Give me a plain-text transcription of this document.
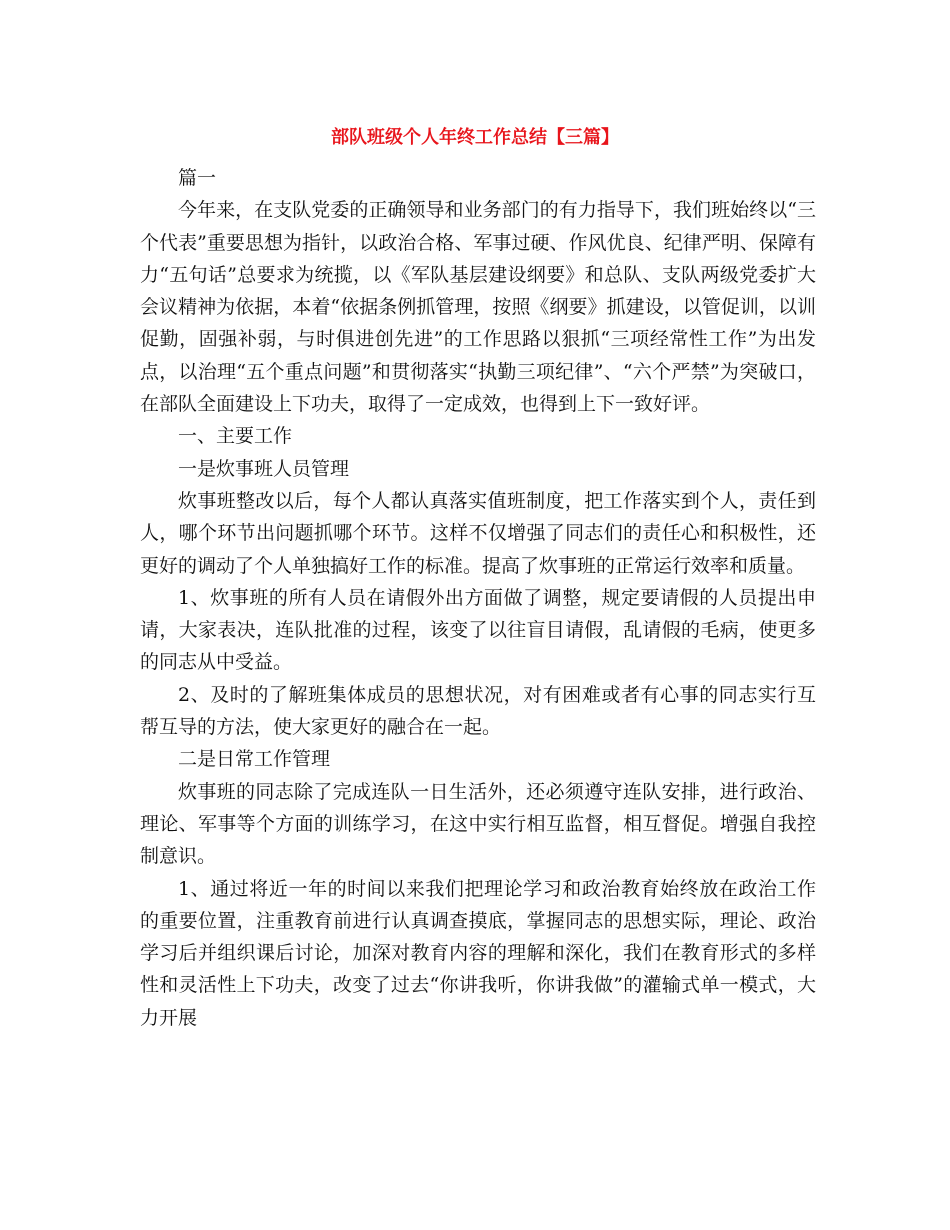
部队班级个人年终工作总结【三篇】

篇一

今年来，在支队党委的正确领导和业务部门的有力指导下，我们班始终以“三个代表”重要思想为指针，以政治合格、军事过硬、作风优良、纪律严明、保障有力“五句话”总要求为统揽，以《军队基层建设纲要》和总队、支队两级党委扩大会议精神为依据，本着“依据条例抓管理，按照《纲要》抓建设，以管促训，以训促勤，固强补弱，与时俱进创先进”的工作思路以狠抓“三项经常性工作”为出发点，以治理“五个重点问题”和贯彻落实“执勤三项纪律”、“六个严禁”为突破口，在部队全面建设上下功夫，取得了一定成效，也得到上下一致好评。

一、主要工作

一是炊事班人员管理

炊事班整改以后，每个人都认真落实值班制度，把工作落实到个人，责任到人，哪个环节出问题抓哪个环节。这样不仅增强了同志们的责任心和积极性，还更好的调动了个人单独搞好工作的标准。提高了炊事班的正常运行效率和质量。

1、炊事班的所有人员在请假外出方面做了调整，规定要请假的人员提出申请，大家表决，连队批准的过程，该变了以往盲目请假，乱请假的毛病，使更多的同志从中受益。

2、及时的了解班集体成员的思想状况，对有困难或者有心事的同志实行互帮互导的方法，使大家更好的融合在一起。

二是日常工作管理

炊事班的同志除了完成连队一日生活外，还必须遵守连队安排，进行政治、理论、军事等个方面的训练学习，在这中实行相互监督，相互督促。增强自我控制意识。

1、通过将近一年的时间以来我们把理论学习和政治教育始终放在政治工作的重要位置，注重教育前进行认真调查摸底，掌握同志的思想实际，理论、政治学习后并组织课后讨论，加深对教育内容的理解和深化，我们在教育形式的多样性和灵活性上下功夫，改变了过去“你讲我听，你讲我做”的灌输式单一模式，大力开展
